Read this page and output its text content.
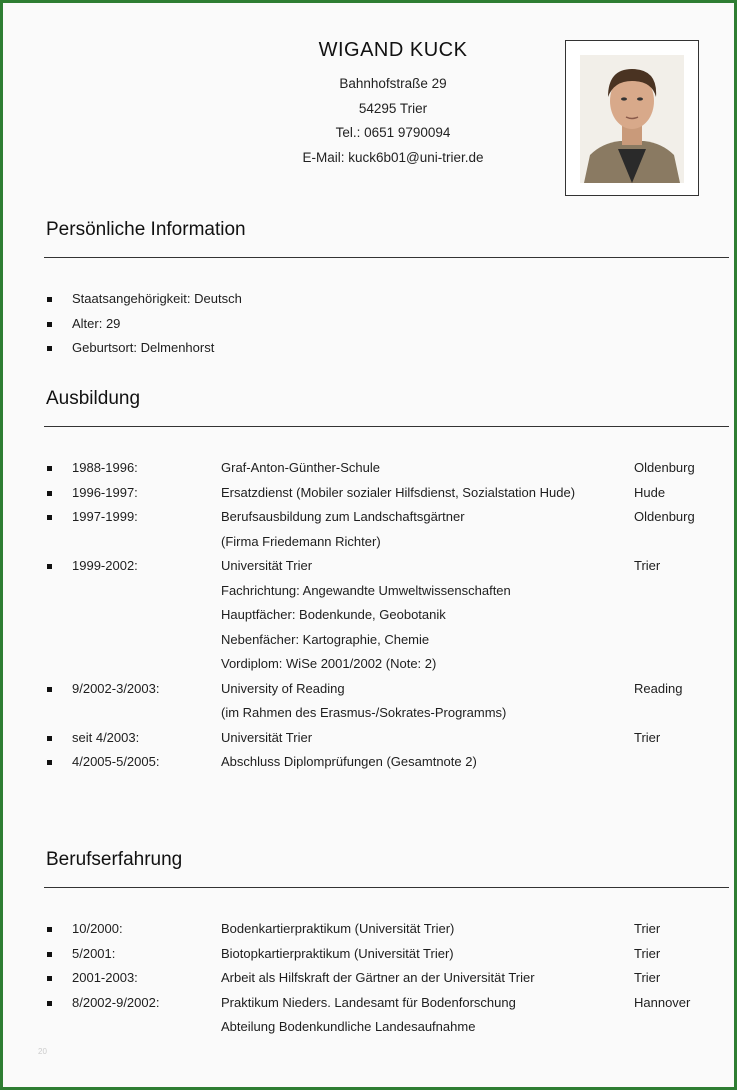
WIGAND KUCK
Bahnhofstraße 29
54295 Trier
Tel.: 0651 9790094
E-Mail: kuck6b01@uni-trier.de
Persönliche Information
Staatsangehörigkeit: Deutsch
Alter: 29
Geburtsort: Delmenhorst
Ausbildung
1988-1996:	Graf-Anton-Günther-Schule	Oldenburg
1996-1997:	Ersatzdienst (Mobiler sozialer Hilfsdienst, Sozialstation Hude)	Hude
1997-1999:	Berufsausbildung zum Landschaftsgärtner	Oldenburg
(Firma Friedemann Richter)
1999-2002:	Universität Trier	Trier
Fachrichtung: Angewandte Umweltwissenschaften
Hauptfächer: Bodenkunde, Geobotanik
Nebenfächer: Kartographie, Chemie
Vordiplom: WiSe 2001/2002 (Note: 2)
9/2002-3/2003:	University of Reading	Reading
(im Rahmen des Erasmus-/Sokrates-Programms)
seit 4/2003:	Universität Trier	Trier
4/2005-5/2005:	Abschluss Diplomprüfungen (Gesamtnote 2)
Berufserfahrung
10/2000:	Bodenkartierpraktikum (Universität Trier)	Trier
5/2001:	Biotopkartierpraktikum (Universität Trier)	Trier
2001-2003:	Arbeit als Hilfskraft der Gärtner an der Universität Trier	Trier
8/2002-9/2002:	Praktikum Nieders. Landesamt für Bodenforschung	Hannover
Abteilung Bodenkundliche Landesaufnahme
20
